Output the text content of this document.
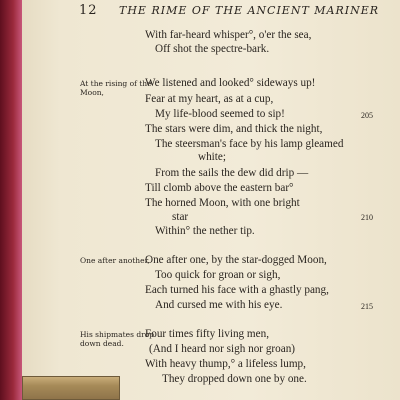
12 THE RIME OF THE ANCIENT MARINER
With far-heard whisper°, o'er the sea,
Off shot the spectre-bark.
At the rising of the Moon,
We listened and looked° sideways up!
Fear at my heart, as at a cup,
My life-blood seemed to sip!	205
The stars were dim, and thick the night,
The steersman's face by his lamp gleamed
white;
From the sails the dew did drip —
Till clomb above the eastern bar°
The horned Moon, with one bright
star	210
Within° the nether tip.
One after another,
One after one, by the star-dogged Moon,
Too quick for groan or sigh,
Each turned his face with a ghastly pang,
And cursed me with his eye.	215
His shipmates drop down dead.
Four times fifty living men,
(And I heard nor sigh nor groan)
With heavy thump,° a lifeless lump,
They dropped down one by one.
